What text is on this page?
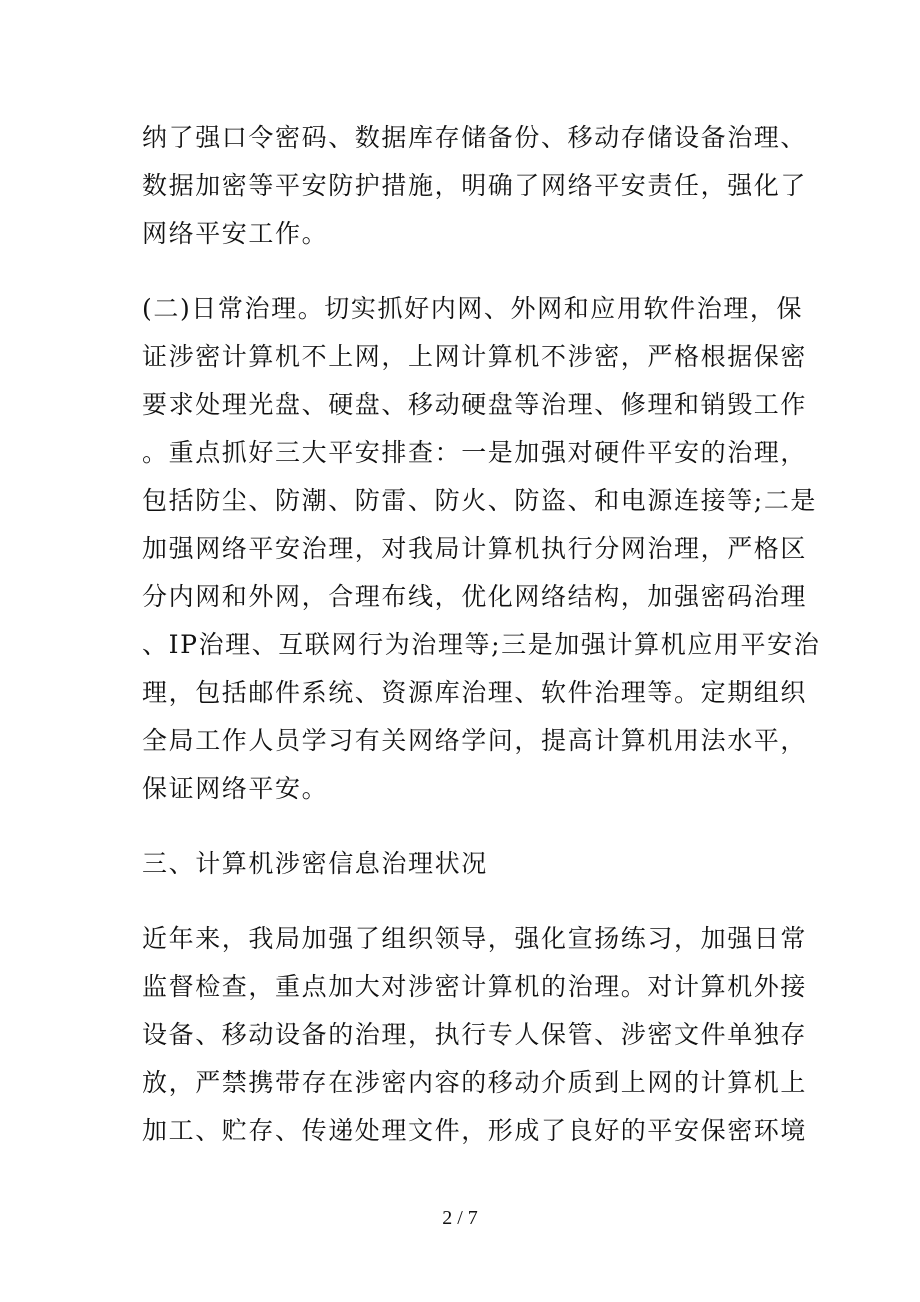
纳了强口令密码、数据库存储备份、移动存储设备治理、
数据加密等平安防护措施，明确了网络平安责任，强化了
网络平安工作。
(二)日常治理。切实抓好内网、外网和应用软件治理，保
证涉密计算机不上网，上网计算机不涉密，严格根据保密
要求处理光盘、硬盘、移动硬盘等治理、修理和销毁工作
。重点抓好三大平安排查：一是加强对硬件平安的治理，
包括防尘、防潮、防雷、防火、防盗、和电源连接等;二是
加强网络平安治理，对我局计算机执行分网治理，严格区
分内网和外网，合理布线，优化网络结构，加强密码治理
、IP治理、互联网行为治理等;三是加强计算机应用平安治
理，包括邮件系统、资源库治理、软件治理等。定期组织
全局工作人员学习有关网络学问，提高计算机用法水平，
保证网络平安。
三、计算机涉密信息治理状况
近年来，我局加强了组织领导，强化宣扬练习，加强日常
监督检查，重点加大对涉密计算机的治理。对计算机外接
设备、移动设备的治理，执行专人保管、涉密文件单独存
放，严禁携带存在涉密内容的移动介质到上网的计算机上
加工、贮存、传递处理文件，形成了良好的平安保密环境
2 / 7
